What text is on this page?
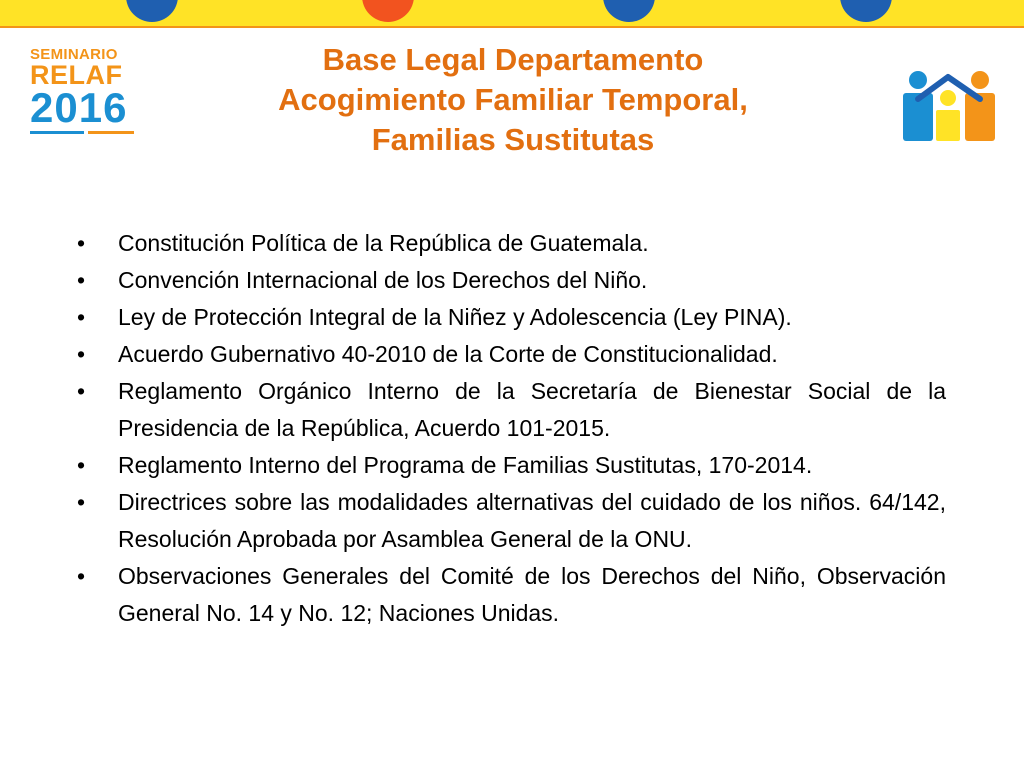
SEMINARIO

RELAF

2016

Base Legal Departamento
Acogimiento Familiar Temporal,
Familias Sustitutas
•	Constitución Política de la República de Guatemala.
•	Convención Internacional de los Derechos del Niño.
•	Ley de Protección Integral de la Niñez y Adolescencia (Ley PINA).
•	Acuerdo Gubernativo 40-2010 de la Corte de Constitucionalidad.
•	Reglamento Orgánico Interno de la Secretaría de Bienestar Social de la Presidencia de la República, Acuerdo 101-2015.
•	Reglamento Interno del Programa de Familias Sustitutas, 170-2014.
•	Directrices sobre las modalidades alternativas del cuidado de los niños. 64/142, Resolución Aprobada por Asamblea General de la ONU.
•	Observaciones Generales del Comité de los Derechos del Niño, Observación General No. 14 y No. 12; Naciones Unidas.
